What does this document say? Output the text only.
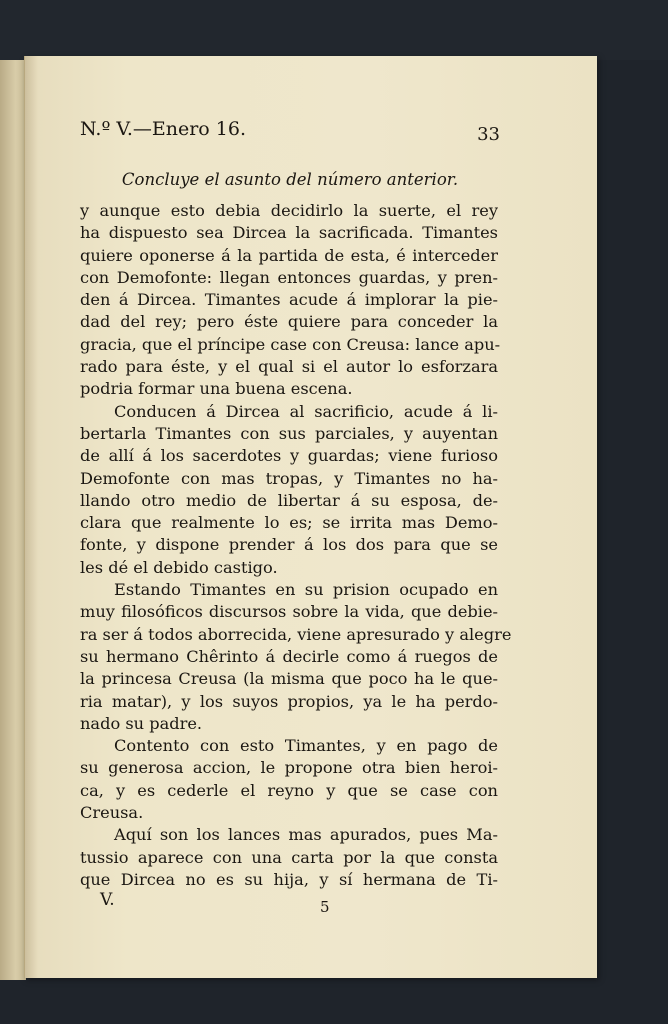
N.º V.—Enero 16.	33
Concluye el asunto del número anterior.
y aunque esto debia decidirlo la suerte, el rey
ha dispuesto sea Dircea la sacrificada. Timantes
quiere oponerse á la partida de esta, é interceder
con Demofonte: llegan entonces guardas, y pren-
den á Dircea. Timantes acude á implorar la pie-
dad del rey; pero éste quiere para conceder la
gracia, que el príncipe case con Creusa: lance apu-
rado para éste, y el qual si el autor lo esforzara
podria formar una buena escena.
Conducen á Dircea al sacrificio, acude á li-
bertarla Timantes con sus parciales, y auyentan
de allí á los sacerdotes y guardas; viene furioso
Demofonte con mas tropas, y Timantes no ha-
llando otro medio de libertar á su esposa, de-
clara que realmente lo es; se irrita mas Demo-
fonte, y dispone prender á los dos para que se
les dé el debido castigo.
Estando Timantes en su prision ocupado en
muy filosóficos discursos sobre la vida, que debie-
ra ser á todos aborrecida, viene apresurado y alegre
su hermano Chêrinto á decirle como á ruegos de
la princesa Creusa (la misma que poco ha le que-
ria matar), y los suyos propios, ya le ha perdo-
nado su padre.
Contento con esto Timantes, y en pago de
su generosa accion, le propone otra bien heroi-
ca, y es cederle el reyno y que se case con
Creusa.
Aquí son los lances mas apurados, pues Ma-
tussio aparece con una carta por la que consta
que Dircea no es su hija, y sí hermana de Ti-
V.	5
